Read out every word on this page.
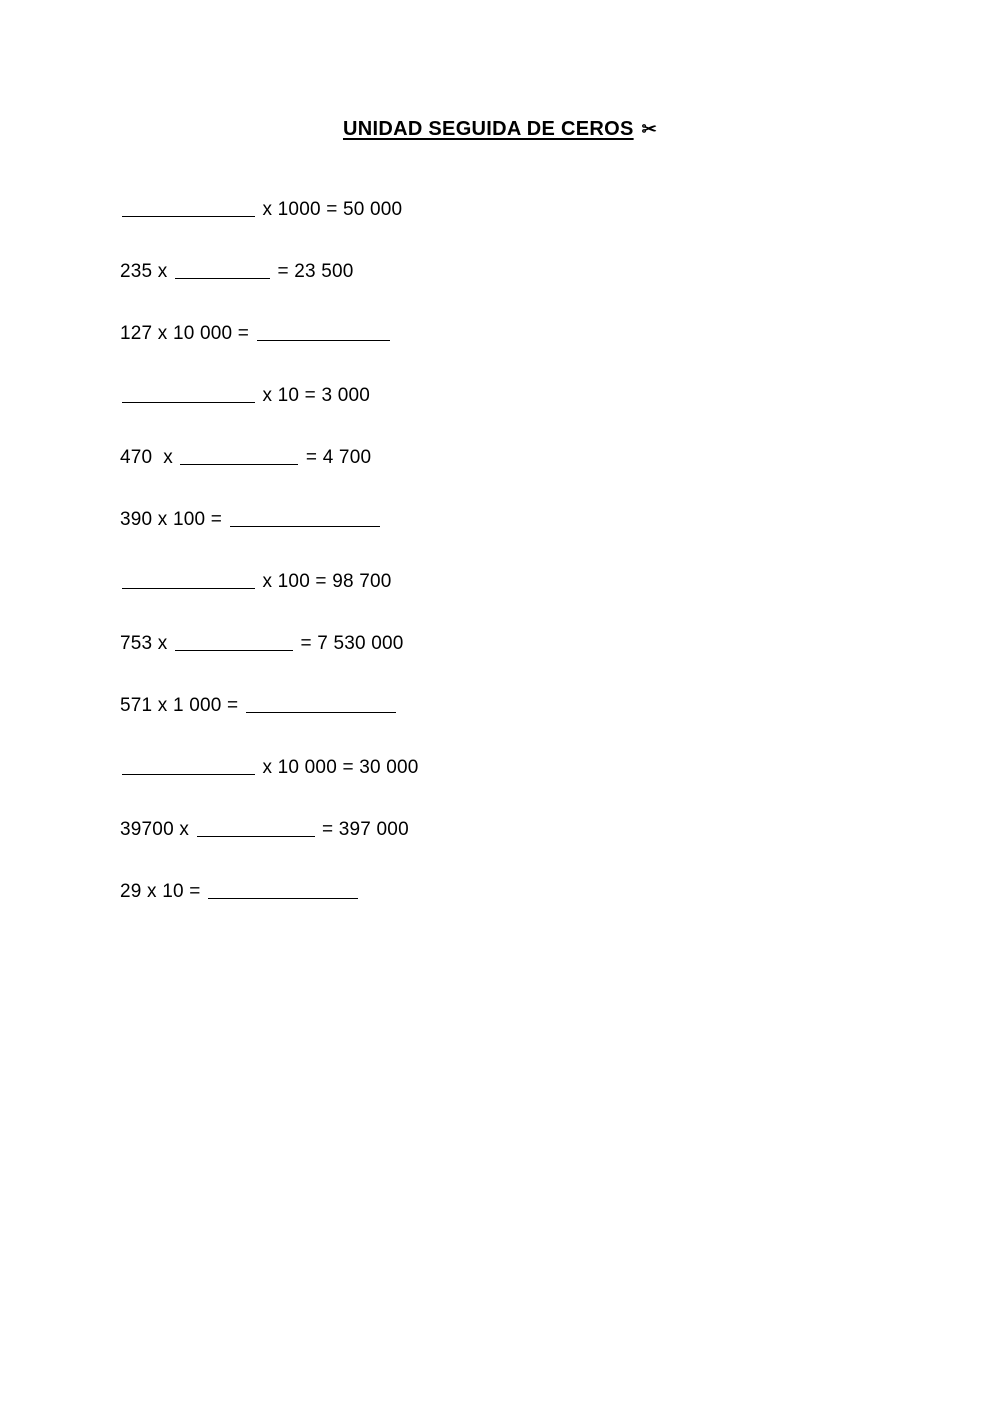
UNIDAD SEGUIDA DE CEROS ✂
x 1000 = 50 000
235 x	= 23 500
127 x 10 000 =
x 10 = 3 000
470  x	= 4 700
390 x 100 =
x 100 = 98 700
753 x	= 7 530 000
571 x 1 000 =
x 10 000 = 30 000
39700 x	= 397 000
29 x 10 =
